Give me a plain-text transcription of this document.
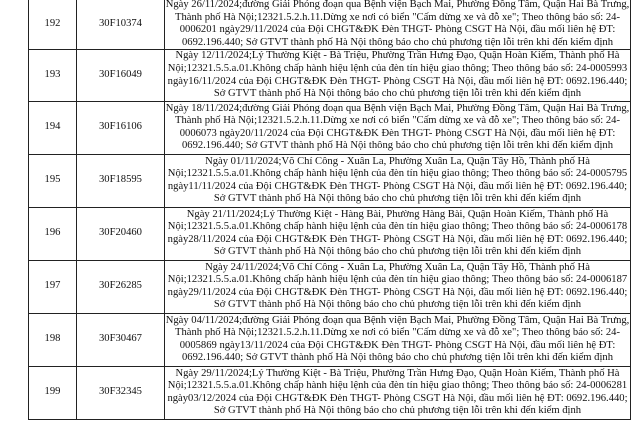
192	30F10374	Ngày 26/11/2024;đường Giải Phóng đoạn qua Bệnh viện Bạch Mai, Phường Đồng Tâm, Quận Hai Bà Trưng, Thành phố Hà Nội;12321.5.2.h.11.Dừng xe nơi có biển "Cấm dừng xe và đỗ xe"; Theo thông báo số: 24-0006201 ngày29/11/2024 của Đội CHGT&ĐK Đèn THGT- Phòng CSGT Hà Nội, đầu mối liên hệ ĐT: 0692.196.440; Sở GTVT thành phố Hà Nội thông báo cho chủ phương tiện lỗi trên khi đến kiểm định
193	30F16049	Ngày 12/11/2024;Lý Thường Kiệt - Bà Triệu, Phường Trần Hưng Đạo, Quận Hoàn Kiếm, Thành phố Hà Nội;12321.5.5.a.01.Không chấp hành hiệu lệnh của đèn tín hiệu giao thông; Theo thông báo số: 24-0005993 ngày16/11/2024 của Đội CHGT&ĐK Đèn THGT- Phòng CSGT Hà Nội, đầu mối liên hệ ĐT: 0692.196.440; Sở GTVT thành phố Hà Nội thông báo cho chủ phương tiện lỗi trên khi đến kiểm định
194	30F16106	Ngày 18/11/2024;đường Giải Phóng đoạn qua Bệnh viện Bạch Mai, Phường Đồng Tâm, Quận Hai Bà Trưng, Thành phố Hà Nội;12321.5.2.h.11.Dừng xe nơi có biển "Cấm dừng xe và đỗ xe"; Theo thông báo số: 24-0006073 ngày20/11/2024 của Đội CHGT&ĐK Đèn THGT- Phòng CSGT Hà Nội, đầu mối liên hệ ĐT: 0692.196.440; Sở GTVT thành phố Hà Nội thông báo cho chủ phương tiện lỗi trên khi đến kiểm định
195	30F18595	Ngày 01/11/2024;Võ Chí Công - Xuân La, Phường Xuân La, Quận Tây Hồ, Thành phố Hà Nội;12321.5.5.a.01.Không chấp hành hiệu lệnh của đèn tín hiệu giao thông; Theo thông báo số: 24-0005795 ngày11/11/2024 của Đội CHGT&ĐK Đèn THGT- Phòng CSGT Hà Nội, đầu mối liên hệ ĐT: 0692.196.440; Sở GTVT thành phố Hà Nội thông báo cho chủ phương tiện lỗi trên khi đến kiểm định
196	30F20460	Ngày 21/11/2024;Lý Thường Kiệt - Hàng Bài, Phường Hàng Bài, Quận Hoàn Kiếm, Thành phố Hà Nội;12321.5.5.a.01.Không chấp hành hiệu lệnh của đèn tín hiệu giao thông; Theo thông báo số: 24-0006178 ngày28/11/2024 của Đội CHGT&ĐK Đèn THGT- Phòng CSGT Hà Nội, đầu mối liên hệ ĐT: 0692.196.440; Sở GTVT thành phố Hà Nội thông báo cho chủ phương tiện lỗi trên khi đến kiểm định
197	30F26285	Ngày 24/11/2024;Võ Chí Công - Xuân La, Phường Xuân La, Quận Tây Hồ, Thành phố Hà Nội;12321.5.5.a.01.Không chấp hành hiệu lệnh của đèn tín hiệu giao thông; Theo thông báo số: 24-0006187 ngày29/11/2024 của Đội CHGT&ĐK Đèn THGT- Phòng CSGT Hà Nội, đầu mối liên hệ ĐT: 0692.196.440; Sở GTVT thành phố Hà Nội thông báo cho chủ phương tiện lỗi trên khi đến kiểm định
198	30F30467	Ngày 04/11/2024;đường Giải Phóng đoạn qua Bệnh viện Bạch Mai, Phường Đồng Tâm, Quận Hai Bà Trưng, Thành phố Hà Nội;12321.5.2.h.11.Dừng xe nơi có biển "Cấm dừng xe và đỗ xe"; Theo thông báo số: 24-0005869 ngày13/11/2024 của Đội CHGT&ĐK Đèn THGT- Phòng CSGT Hà Nội, đầu mối liên hệ ĐT: 0692.196.440; Sở GTVT thành phố Hà Nội thông báo cho chủ phương tiện lỗi trên khi đến kiểm định
199	30F32345	Ngày 29/11/2024;Lý Thường Kiệt - Bà Triệu, Phường Trần Hưng Đạo, Quận Hoàn Kiếm, Thành phố Hà Nội;12321.5.5.a.01.Không chấp hành hiệu lệnh của đèn tín hiệu giao thông; Theo thông báo số: 24-0006281 ngày03/12/2024 của Đội CHGT&ĐK Đèn THGT- Phòng CSGT Hà Nội, đầu mối liên hệ ĐT: 0692.196.440; Sở GTVT thành phố Hà Nội thông báo cho chủ phương tiện lỗi trên khi đến kiểm định
